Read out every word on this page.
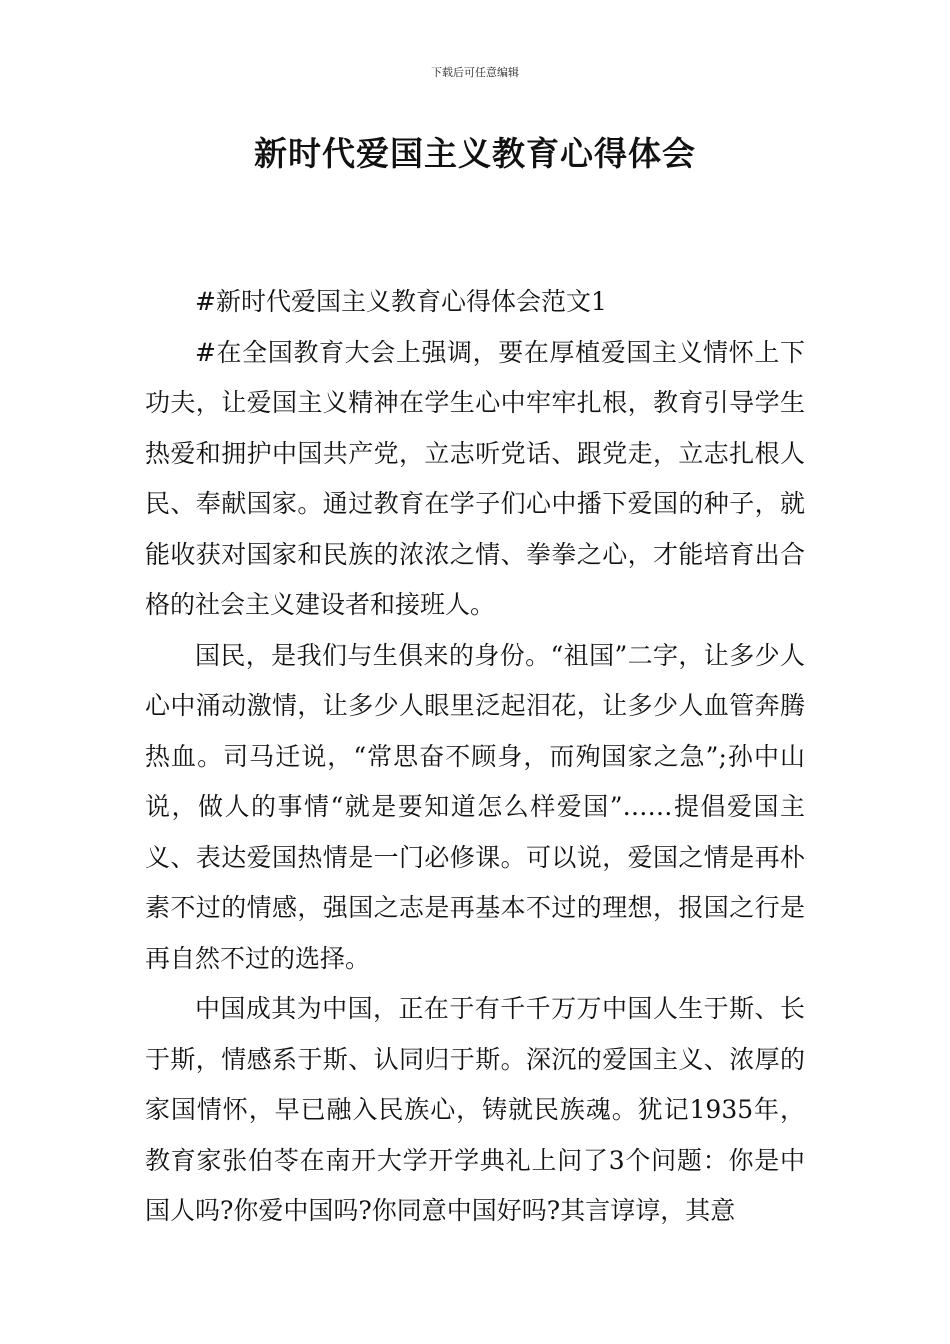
下载后可任意编辑
新时代爱国主义教育心得体会

#新时代爱国主义教育心得体会范文1

#在全国教育大会上强调，要在厚植爱国主义情怀上下功夫，让爱国主义精神在学生心中牢牢扎根，教育引导学生热爱和拥护中国共产党，立志听党话、跟党走，立志扎根人民、奉献国家。通过教育在学子们心中播下爱国的种子，就能收获对国家和民族的浓浓之情、拳拳之心，才能培育出合格的社会主义建设者和接班人。

国民，是我们与生俱来的身份。“祖国”二字，让多少人心中涌动激情，让多少人眼里泛起泪花，让多少人血管奔腾热血。司马迁说，“常思奋不顾身，而殉国家之急”;孙中山说，做人的事情“就是要知道怎么样爱国”……提倡爱国主义、表达爱国热情是一门必修课。可以说，爱国之情是再朴素不过的情感，强国之志是再基本不过的理想，报国之行是再自然不过的选择。

中国成其为中国，正在于有千千万万中国人生于斯、长于斯，情感系于斯、认同归于斯。深沉的爱国主义、浓厚的家国情怀，早已融入民族心，铸就民族魂。犹记1935年，教育家张伯苓在南开大学开学典礼上问了3个问题：你是中国人吗?你爱中国吗?你同意中国好吗?其言谆谆，其意
